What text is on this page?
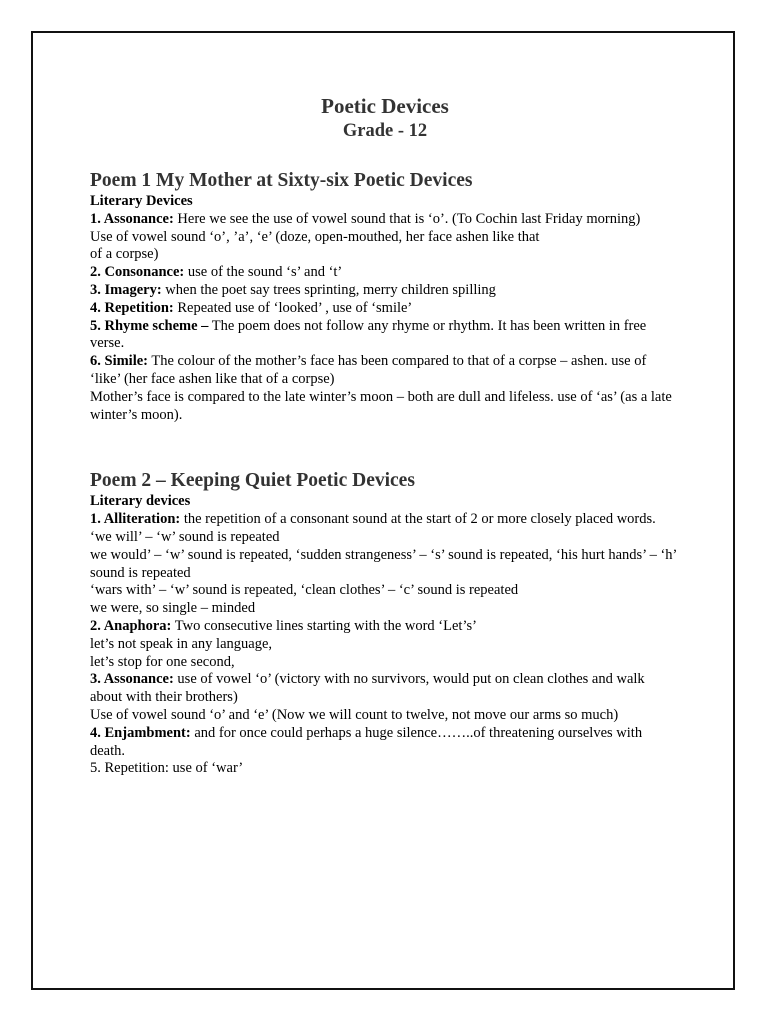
Poetic Devices
Grade - 12
Poem 1 My Mother at Sixty-six Poetic Devices

Literary Devices

1. Assonance: Here we see the use of vowel sound that is ‘o’. (To Cochin last Friday morning)

Use of vowel sound ‘o’, ’a’, ‘e’ (doze, open-mouthed, her face ashen like that

of a corpse)

2. Consonance: use of the sound ‘s’ and ‘t’

3. Imagery: when the poet say trees sprinting, merry children spilling

4. Repetition: Repeated use of ‘looked’ , use of ‘smile’

5. Rhyme scheme – The poem does not follow any rhyme or rhythm. It has been written in free verse.

6. Simile: The colour of the mother’s face has been compared to that of a corpse – ashen. use of ‘like’ (her face ashen like that of a corpse)

Mother’s face is compared to the late winter’s moon – both are dull and lifeless. use of ‘as’ (as a late winter’s moon).

Poem 2 – Keeping Quiet Poetic Devices

Literary devices

1. Alliteration: the repetition of a consonant sound at the start of 2 or more closely placed words.

‘we will’ – ‘w’ sound is repeated

we would’ – ‘w’ sound is repeated, ‘sudden strangeness’ – ‘s’ sound is repeated, ‘his hurt hands’ – ‘h’ sound is repeated

‘wars with’ – ‘w’ sound is repeated, ‘clean clothes’ – ‘c’ sound is repeated

we were, so single – minded

2. Anaphora: Two consecutive lines starting with the word ‘Let’s’

let’s not speak in any language,

let’s stop for one second,

3. Assonance: use of vowel ‘o’ (victory with no survivors, would put on clean clothes and walk about with their brothers)

Use of vowel sound ‘o’ and ‘e’ (Now we will count to twelve, not move our arms so much)

4. Enjambment: and for once could perhaps a huge silence……..of threatening ourselves with death.

5. Repetition: use of ‘war’
